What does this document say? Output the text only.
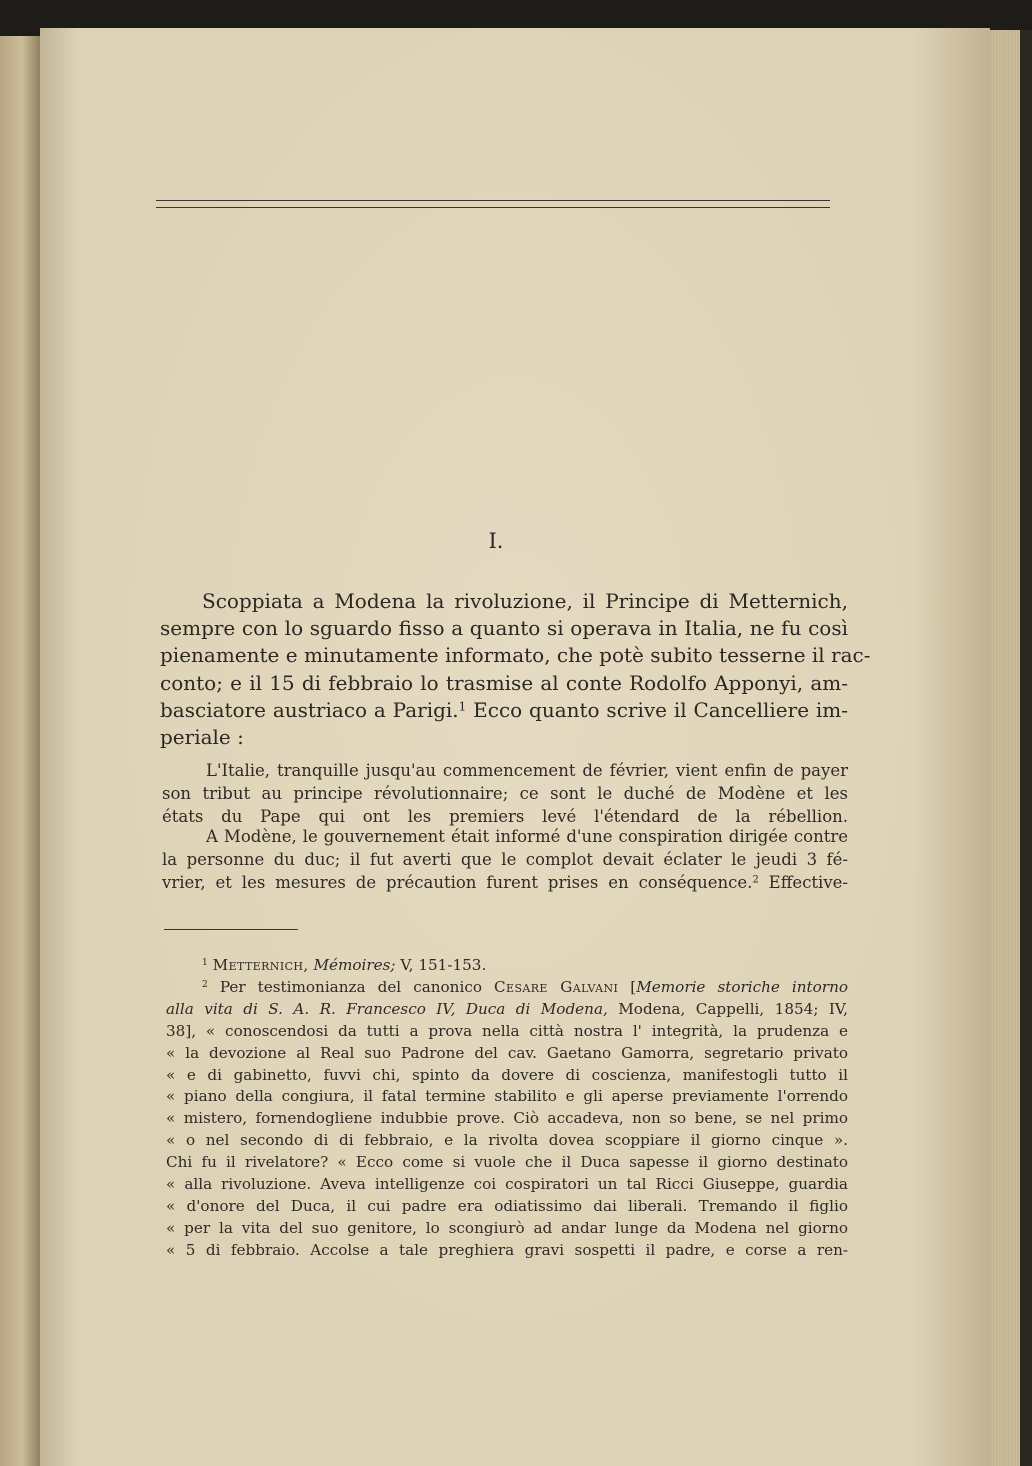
I.

Scoppiata a Modena la rivoluzione, il Principe di Metternich,
sempre con lo sguardo fisso a quanto si operava in Italia, ne fu così
pienamente e minutamente informato, che potè subito tesserne il rac-
conto; e il 15 di febbraio lo trasmise al conte Rodolfo Apponyi, am-
basciatore austriaco a Parigi.$^1$ Ecco quanto scrive il Cancelliere im-
periale :

L'Italie, tranquille jusqu'au commencement de février, vient enfin de payer
son tribut au principe révolutionnaire; ce sont le duché de Modène et les
états du Pape qui ont les premiers levé l'étendard de la rébellion.

A Modène, le gouvernement était informé d'une conspiration dirigée contre
la personne du duc; il fut averti que le complot devait éclater le jeudi 3 fé-
vrier, et les mesures de précaution furent prises en conséquence.$^2$ Effective-

$^1$ Metternich, Mémoires; V, 151-153.
$^2$ Per testimonianza del canonico Cesare Galvani [Memorie storiche intorno
alla vita di S. A. R. Francesco IV, Duca di Modena, Modena, Cappelli, 1854; IV,
38], « conoscendosi da tutti a prova nella città nostra l' integrità, la prudenza e
« la devozione al Real suo Padrone del cav. Gaetano Gamorra, segretario privato
« e di gabinetto, fuvvi chi, spinto da dovere di coscienza, manifestogli tutto il
« piano della congiura, il fatal termine stabilito e gli aperse previamente l'orrendo
« mistero, fornendogliene indubbie prove. Ciò accadeva, non so bene, se nel primo
« o nel secondo di di febbraio, e la rivolta dovea scoppiare il giorno cinque ».
Chi fu il rivelatore? « Ecco come si vuole che il Duca sapesse il giorno destinato
« alla rivoluzione. Aveva intelligenze coi cospiratori un tal Ricci Giuseppe, guardia
« d'onore del Duca, il cui padre era odiatissimo dai liberali. Tremando il figlio
« per la vita del suo genitore, lo scongiurò ad andar lunge da Modena nel giorno
« 5 di febbraio. Accolse a tale preghiera gravi sospetti il padre, e corse a ren-
